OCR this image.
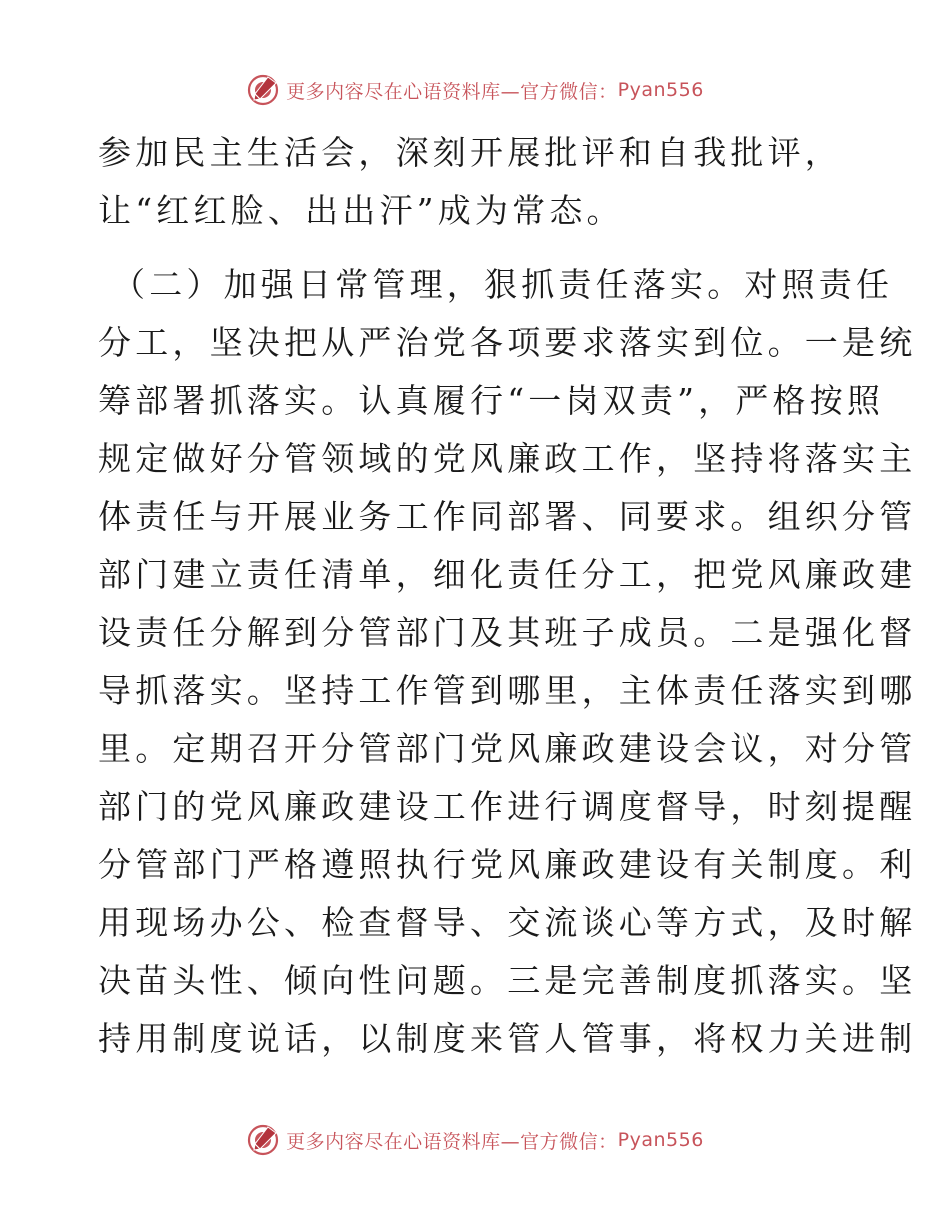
更多内容尽在心语资料库—官方微信： Pyan556
参加民主生活会，深刻开展批评和自我批评，
让“红红脸、出出汗”成为常态。
（二）加强日常管理，狠抓责任落实。对照责任
分工，坚决把从严治党各项要求落实到位。一是统
筹部署抓落实。认真履行“一岗双责”，严格按照
规定做好分管领域的党风廉政工作，坚持将落实主
体责任与开展业务工作同部署、同要求。组织分管
部门建立责任清单，细化责任分工，把党风廉政建
设责任分解到分管部门及其班子成员。二是强化督
导抓落实。坚持工作管到哪里，主体责任落实到哪
里。定期召开分管部门党风廉政建设会议，对分管
部门的党风廉政建设工作进行调度督导，时刻提醒
分管部门严格遵照执行党风廉政建设有关制度。利
用现场办公、检查督导、交流谈心等方式，及时解
决苗头性、倾向性问题。三是完善制度抓落实。坚
持用制度说话，以制度来管人管事，将权力关进制
更多内容尽在心语资料库—官方微信： Pyan556
